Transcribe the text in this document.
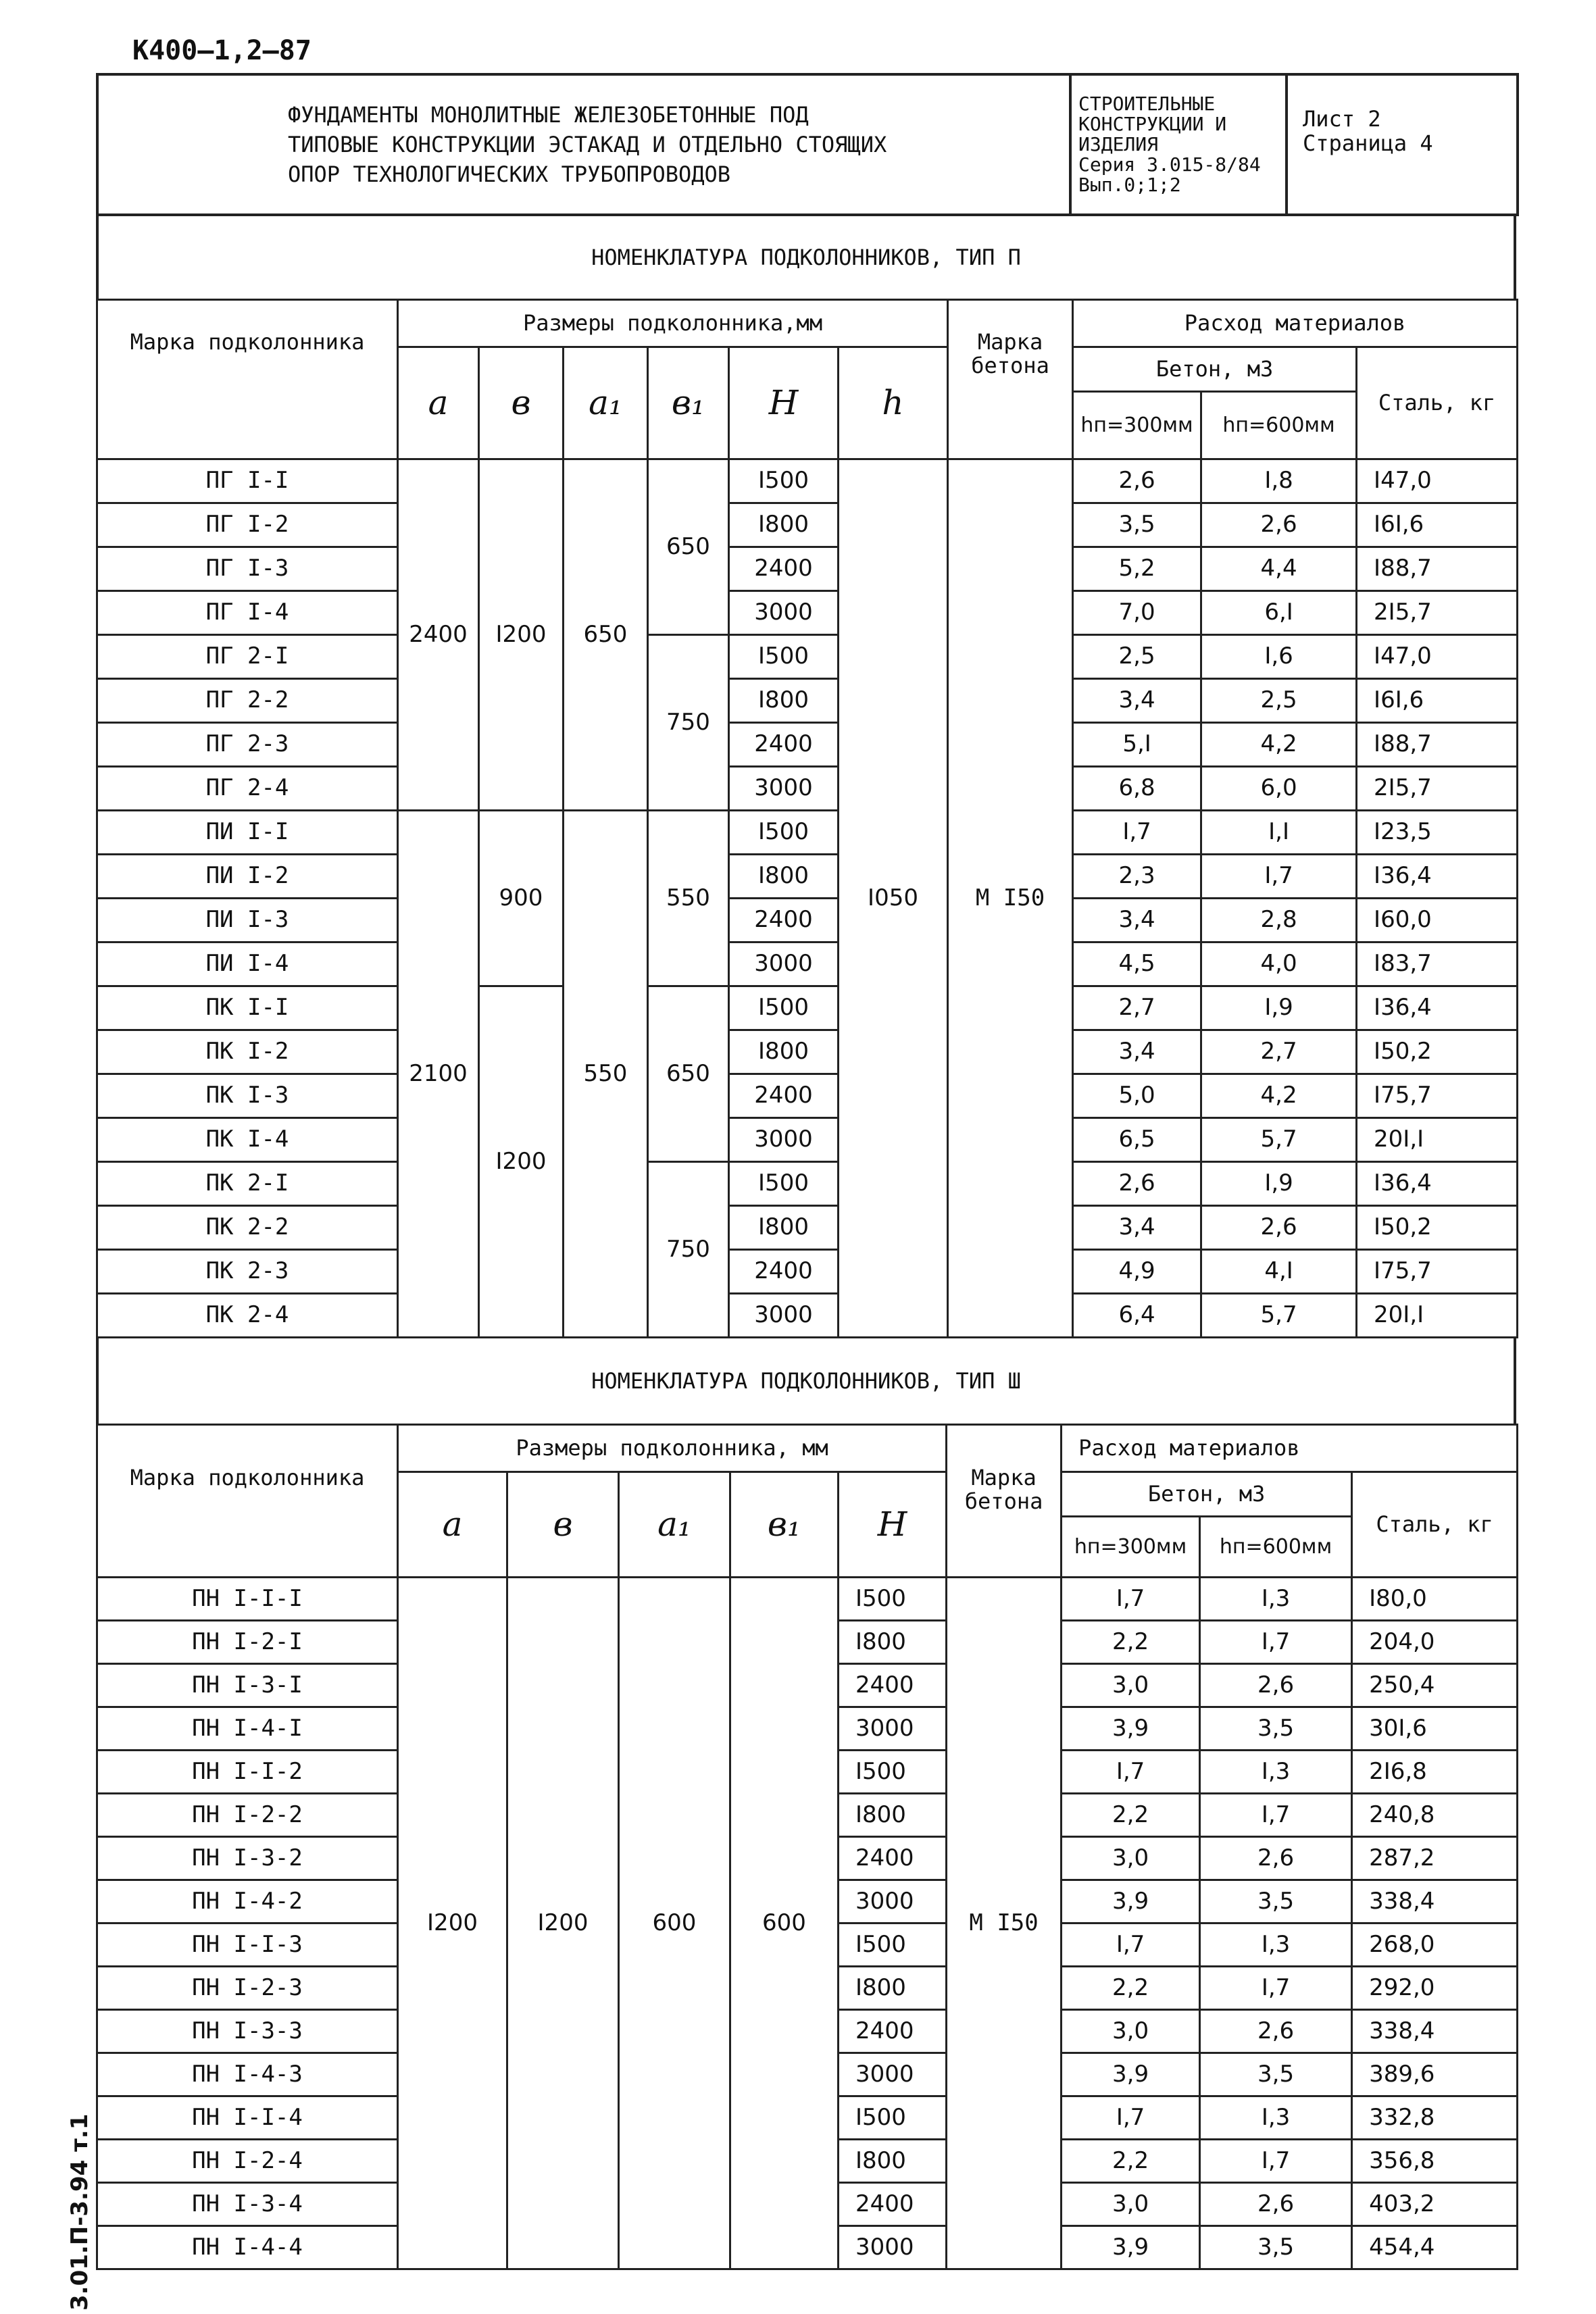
К400–1,2–87
3.01.П-3.94 т.1
ФУНДАМЕНТЫ МОНОЛИТНЫЕ ЖЕЛЕЗОБЕТОННЫЕ ПОД
ТИПОВЫЕ КОНСТРУКЦИИ ЭСТАКАД И ОТДЕЛЬНО СТОЯЩИХ
ОПОР ТЕХНОЛОГИЧЕСКИХ ТРУБОПРОВОДОВ

СТРОИТЕЛЬНЫЕ
КОНСТРУКЦИИ И
ИЗДЕЛИЯ
Серия 3.015-8/84
Вып.0;1;2

Лист 2
Страница 4
НОМЕНКЛАТУРА ПОДКОЛОННИКОВ, ТИП П
Марка подколонника	Размеры подколонника,мм						Марка бетона	Расход материалов		
	a	в	a₁	в₁	H	h		Бетон, м3		Сталь, кг
								hп=300мм	hп=600мм	
ПГ I-I	2400	I200	650	650	I500	I050	М I50	2,6	I,8	I47,0
ПГ I-2					I800			3,5	2,6	I6I,6
ПГ I-3					2400			5,2	4,4	I88,7
ПГ I-4					3000			7,0	6,I	2I5,7
ПГ 2-I				750	I500			2,5	I,6	I47,0
ПГ 2-2					I800			3,4	2,5	I6I,6
ПГ 2-3					2400			5,I	4,2	I88,7
ПГ 2-4					3000			6,8	6,0	2I5,7
ПИ I-I	2100	900	550	550	I500			I,7	I,I	I23,5
ПИ I-2					I800			2,3	I,7	I36,4
ПИ I-3					2400			3,4	2,8	I60,0
ПИ I-4					3000			4,5	4,0	I83,7
ПК I-I		I200		650	I500			2,7	I,9	I36,4
ПК I-2					I800			3,4	2,7	I50,2
ПК I-3					2400			5,0	4,2	I75,7
ПК I-4					3000			6,5	5,7	20I,I
ПК 2-I				750	I500			2,6	I,9	I36,4
ПК 2-2					I800			3,4	2,6	I50,2
ПК 2-3					2400			4,9	4,I	I75,7
ПК 2-4					3000			6,4	5,7	20I,I
НОМЕНКЛАТУРА ПОДКОЛОННИКОВ, ТИП Ш
Марка подколонника	Размеры подколонника, мм					Марка бетона	Расход материалов		
	a	в	a₁	в₁	H		Бетон, м3		Сталь, кг
							hп=300мм	hп=600мм	
ПН I-I-I	I200	I200	600	600	I500	М I50	I,7	I,3	I80,0
ПН I-2-I					I800		2,2	I,7	204,0
ПН I-3-I					2400		3,0	2,6	250,4
ПН I-4-I					3000		3,9	3,5	30I,6
ПН I-I-2					I500		I,7	I,3	2I6,8
ПН I-2-2					I800		2,2	I,7	240,8
ПН I-3-2					2400		3,0	2,6	287,2
ПН I-4-2					3000		3,9	3,5	338,4
ПН I-I-3					I500		I,7	I,3	268,0
ПН I-2-3					I800		2,2	I,7	292,0
ПН I-3-3					2400		3,0	2,6	338,4
ПН I-4-3					3000		3,9	3,5	389,6
ПН I-I-4					I500		I,7	I,3	332,8
ПН I-2-4					I800		2,2	I,7	356,8
ПН I-3-4					2400		3,0	2,6	403,2
ПН I-4-4					3000		3,9	3,5	454,4
